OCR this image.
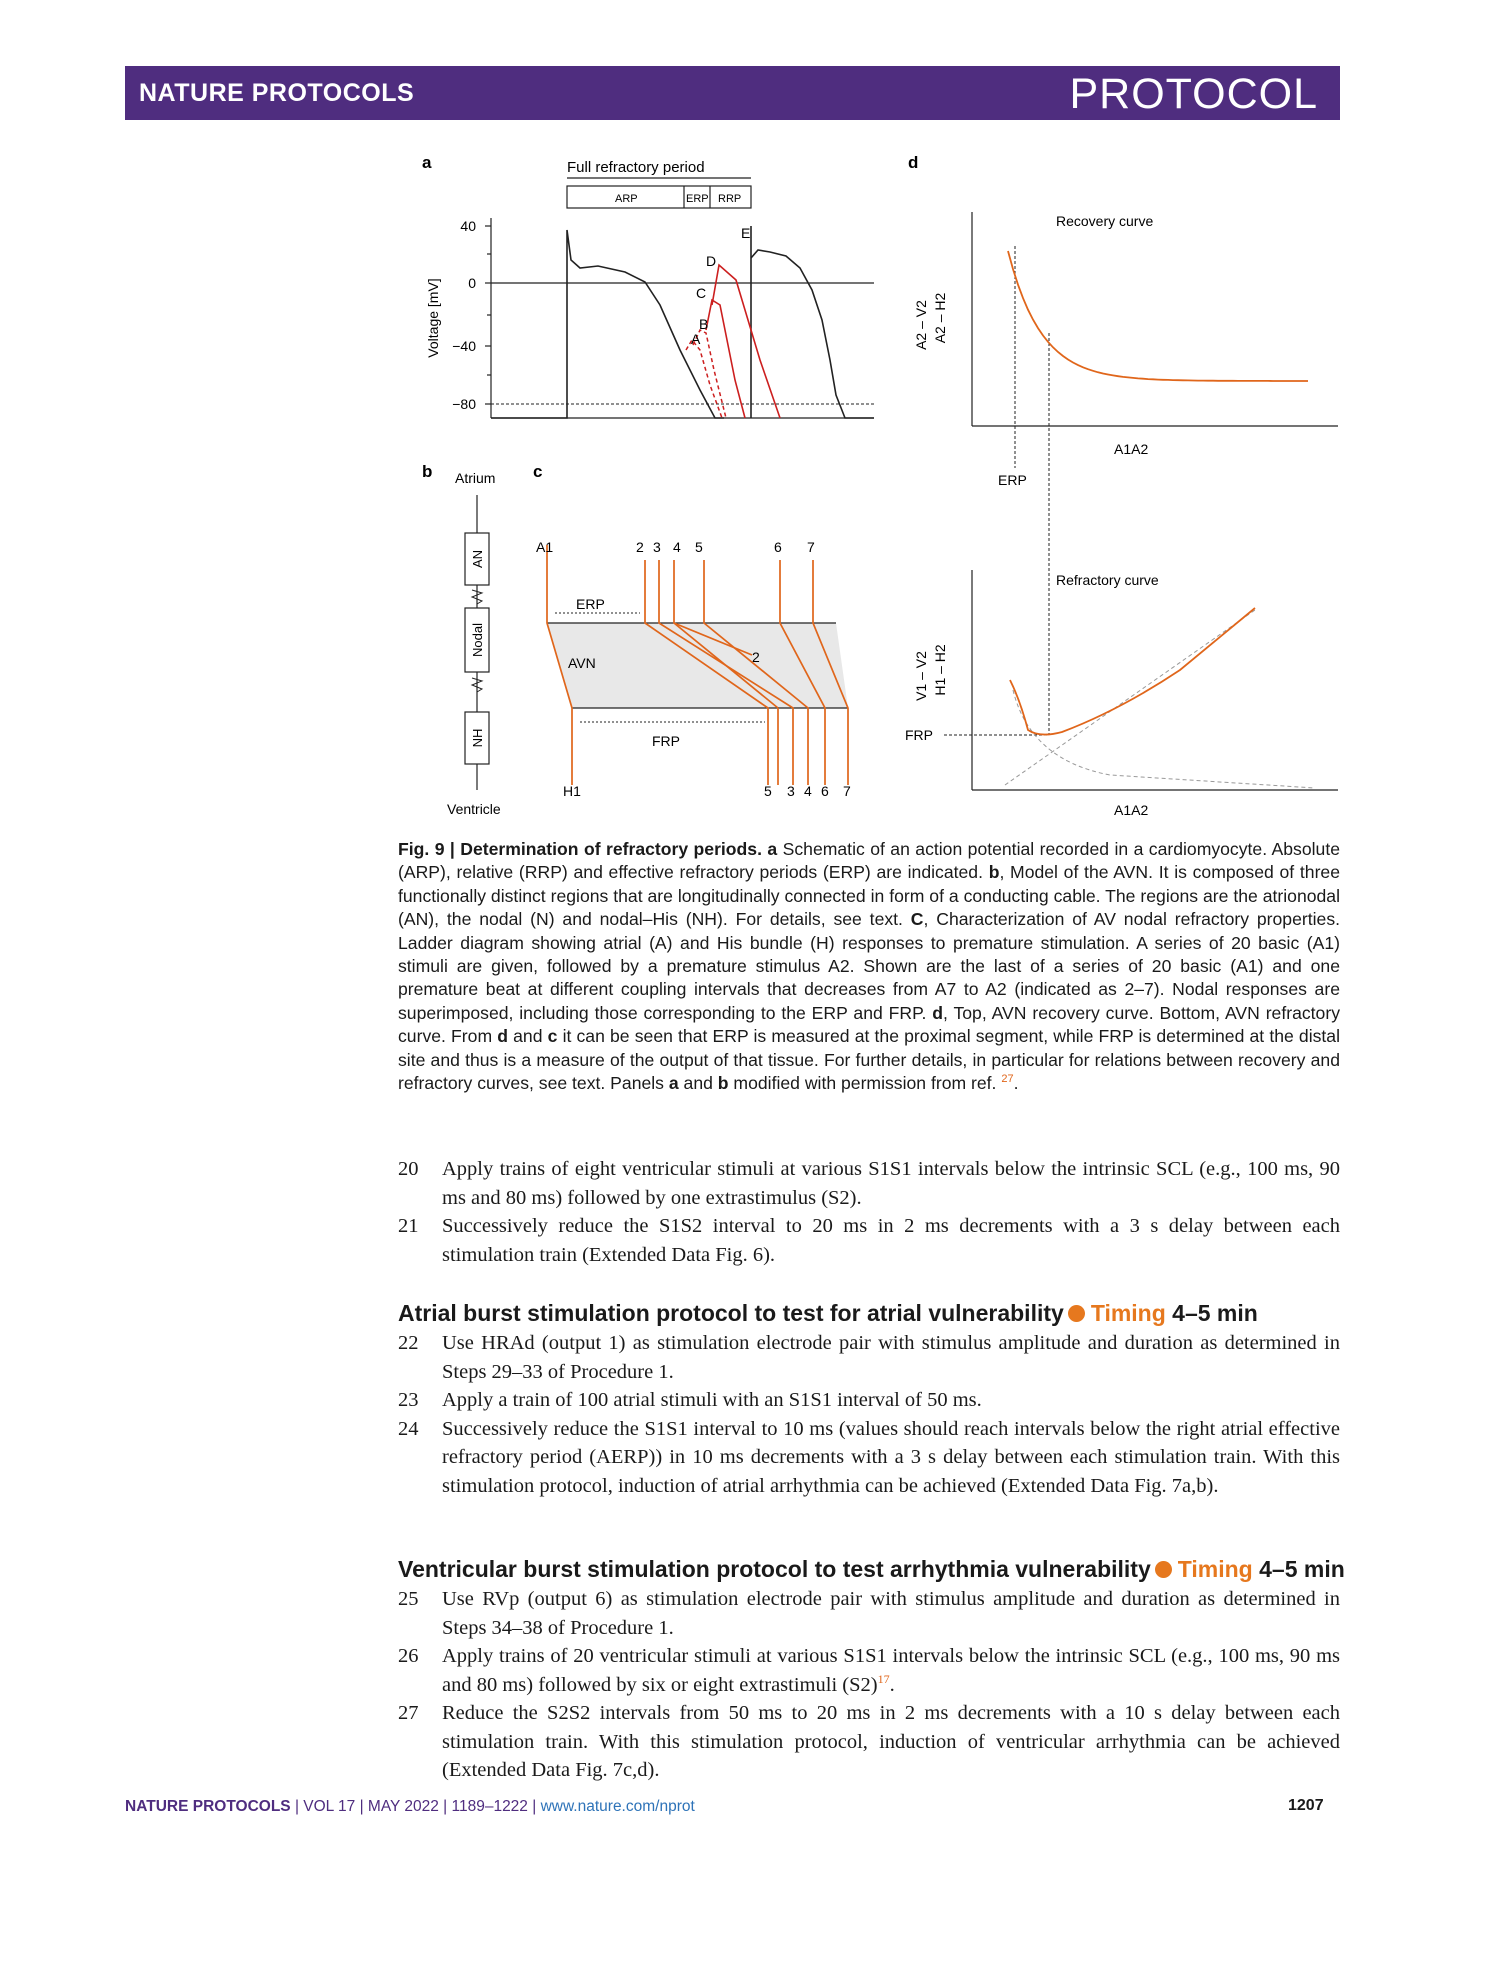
NATURE PROTOCOLS	PROTOCOL
a	Full refractory period
ARP	ERP RRP
Voltage [mV]
40
0
−40
−80
A
B
C
D
E
d
A2 – V2 A2 – H2
Recovery curve
A1A2
ERP
V1 – V2 H1 – H2
Refractory curve
A1A2
FRP
b Atrium
Ventricle
AN
Nodal
NH
c
A1	2 3 4 5	6 7
ERP
AVN	2
FRP
H1	5 3 4 6 7
Fig. 9 | Determination of refractory periods. a Schematic of an action potential recorded in a cardiomyocyte. Absolute (ARP), relative (RRP) and effective refractory periods (ERP) are indicated. b, Model of the AVN. It is composed of three functionally distinct regions that are longitudinally connected in form of a conducting cable. The regions are the atrionodal (AN), the nodal (N) and nodal–His (NH). For details, see text. C, Characterization of AV nodal refractory properties. Ladder diagram showing atrial (A) and His bundle (H) responses to premature stimulation. A series of 20 basic (A1) stimuli are given, followed by a premature stimulus A2. Shown are the last of a series of 20 basic (A1) and one premature beat at different coupling intervals that decreases from A7 to A2 (indicated as 2–7). Nodal responses are superimposed, including those corresponding to the ERP and FRP. d, Top, AVN recovery curve. Bottom, AVN refractory curve. From d and c it can be seen that ERP is measured at the proximal segment, while FRP is determined at the distal site and thus is a measure of the output of that tissue. For further details, in particular for relations between recovery and refractory curves, see text. Panels a and b modified with permission from ref. $^{27}$.
20 Apply trains of eight ventricular stimuli at various S1S1 intervals below the intrinsic SCL (e.g., 100 ms, 90 ms and 80 ms) followed by one extrastimulus (S2).
21 Successively reduce the S1S2 interval to 20 ms in 2 ms decrements with a 3 s delay between each stimulation train (Extended Data Fig. 6).
Atrial burst stimulation protocol to test for atrial vulnerability Timing 4–5 min
22 Use HRAd (output 1) as stimulation electrode pair with stimulus amplitude and duration as determined in Steps 29–33 of Procedure 1.
23 Apply a train of 100 atrial stimuli with an S1S1 interval of 50 ms.
24 Successively reduce the S1S1 interval to 10 ms (values should reach intervals below the right atrial effective refractory period (AERP)) in 10 ms decrements with a 3 s delay between each stimulation train. With this stimulation protocol, induction of atrial arrhythmia can be achieved (Extended Data Fig. 7a,b).
Ventricular burst stimulation protocol to test arrhythmia vulnerability Timing 4–5 min
25 Use RVp (output 6) as stimulation electrode pair with stimulus amplitude and duration as determined in Steps 34–38 of Procedure 1.
26 Apply trains of 20 ventricular stimuli at various S1S1 intervals below the intrinsic SCL (e.g., 100 ms, 90 ms and 80 ms) followed by six or eight extrastimuli $(S2)^{17}$.
27 Reduce the S2S2 intervals from 50 ms to 20 ms in 2 ms decrements with a 10 s delay between each stimulation train. With this stimulation protocol, induction of ventricular arrhythmia can be achieved (Extended Data Fig. 7c,d).
NATURE PROTOCOLS | VOL 17 | MAY 2022 | 1189–1222 | www.nature.com/nprot	1207
